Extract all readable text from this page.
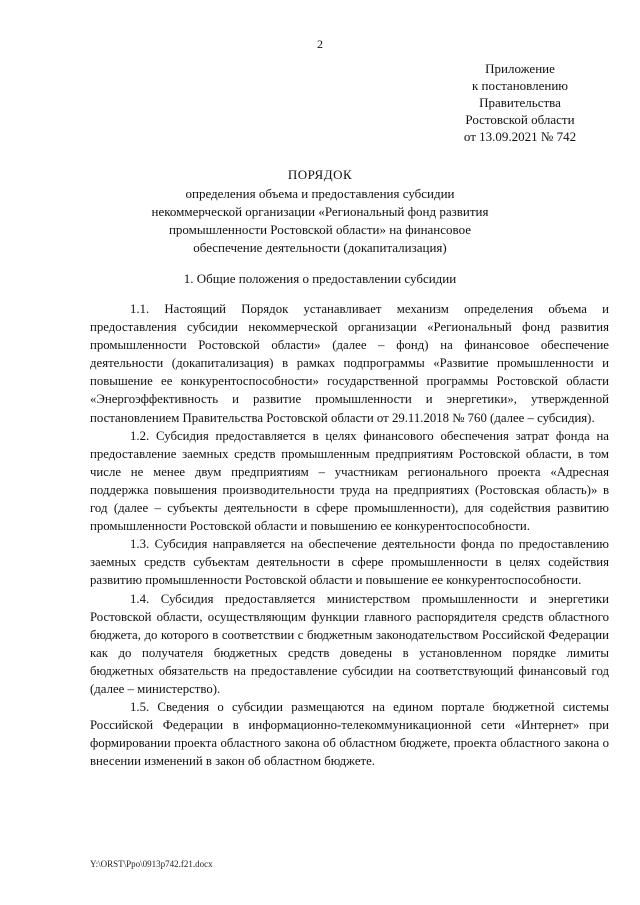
2
Приложение
к постановлению
Правительства
Ростовской области
от 13.09.2021 № 742
ПОРЯДОК
определения объема и предоставления субсидии
некоммерческой организации «Региональный фонд развития
промышленности Ростовской области» на финансовое
обеспечение деятельности (докапитализация)
1. Общие положения о предоставлении субсидии

1.1. Настоящий Порядок устанавливает механизм определения объема и предоставления субсидии некоммерческой организации «Региональный фонд развития промышленности Ростовской области» (далее – фонд) на финансовое обеспечение деятельности (докапитализация) в рамках подпрограммы «Развитие промышленности и повышение ее конкурентоспособности» государственной программы Ростовской области «Энергоэффективность и развитие промышленности и энергетики», утвержденной постановлением Правительства Ростовской области от 29.11.2018 № 760 (далее – субсидия).

1.2. Субсидия предоставляется в целях финансового обеспечения затрат фонда на предоставление заемных средств промышленным предприятиям Ростовской области, в том числе не менее двум предприятиям – участникам регионального проекта «Адресная поддержка повышения производительности труда на предприятиях (Ростовская область)» в год (далее – субъекты деятельности в сфере промышленности), для содействия развитию промышленности Ростовской области и повышению ее конкурентоспособности.

1.3. Субсидия направляется на обеспечение деятельности фонда по предоставлению заемных средств субъектам деятельности в сфере промышленности в целях содействия развитию промышленности Ростовской области и повышение ее конкурентоспособности.

1.4. Субсидия предоставляется министерством промышленности и энергетики Ростовской области, осуществляющим функции главного распорядителя средств областного бюджета, до которого в соответствии с бюджетным законодательством Российской Федерации как до получателя бюджетных средств доведены в установленном порядке лимиты бюджетных обязательств на предоставление субсидии на соответствующий финансовый год (далее – министерство).

1.5. Сведения о субсидии размещаются на едином портале бюджетной системы Российской Федерации в информационно-телекоммуникационной сети «Интернет» при формировании проекта областного закона об областном бюджете, проекта областного закона о внесении изменений в закон об областном бюджете.

Y:\ORST\Ppo\0913p742.f21.docx
